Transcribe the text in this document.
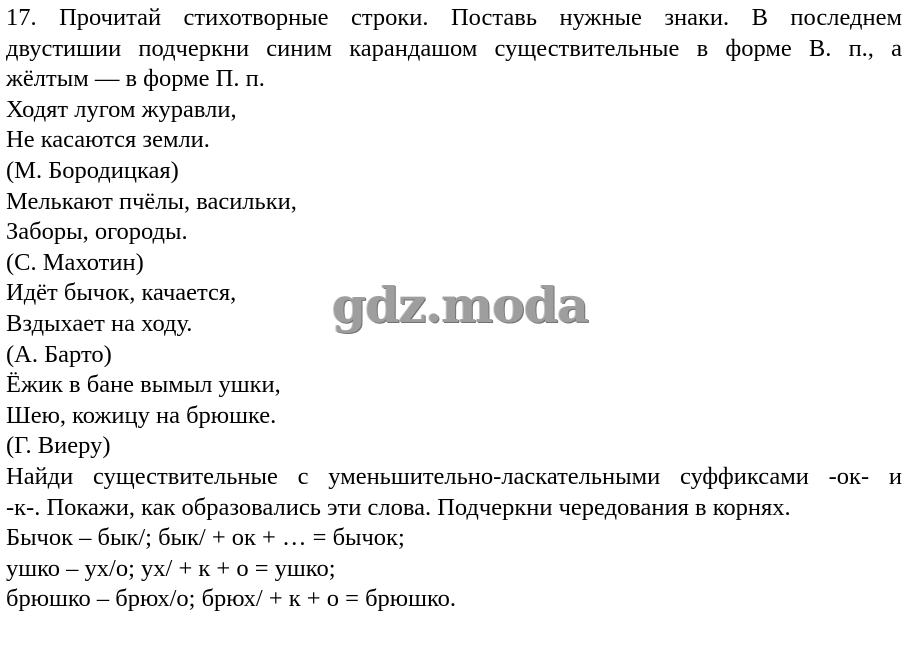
17. Прочитай стихотворные строки. Поставь нужные знаки. В последнем
двустишии подчеркни синим карандашом существительные в форме В. п., а
жёлтым — в форме П. п.
Ходят лугом журавли,
Не касаются земли.
(М. Бородицкая)
Мелькают пчёлы, васильки,
Заборы, огороды.
(С. Махотин)
Идёт бычок, качается,
Вздыхает на ходу.
(А. Барто)
Ёжик в бане вымыл ушки,
Шею, кожицу на брюшке.
(Г. Виеру)
Найди существительные с уменьшительно-ласкательными суффиксами -ок- и
-к-. Покажи, как образовались эти слова. Подчеркни чередования в корнях.
Бычок – бык/; бык/ + ок + … = бычок;
ушко – ух/о; ух/ + к + о = ушко;
брюшко – брюх/о; брюх/ + к + о = брюшко.
gdz.moda
